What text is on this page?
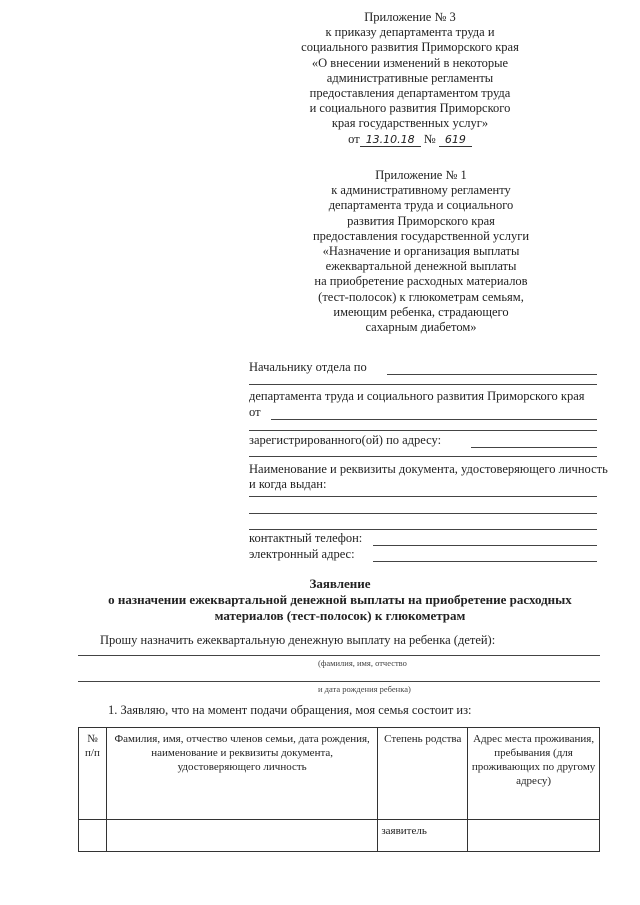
Приложение № 3
к приказу департамента труда и
социального развития Приморского края
«О внесении изменений в некоторые
административные регламенты
предоставления департаментом труда
и социального развития Приморского
края государственных услуг»
от 13.10.18 № 619
Приложение № 1
к административному регламенту
департамента труда и социального
развития Приморского края
предоставления государственной услуги
«Назначение и организация выплаты
ежеквартальной денежной выплаты
на приобретение расходных материалов
(тест-полосок) к глюкометрам семьям,
имеющим ребенка, страдающего
сахарным диабетом»
Начальнику отдела по
департамента труда и социального развития Приморского края
от
зарегистрированного(ой) по адресу:
Наименование и реквизиты документа, удостоверяющего личность
и когда выдан:
контактный телефон:
электронный адрес:
Заявление
о назначении ежеквартальной денежной выплаты на приобретение расходных
материалов (тест-полосок) к глюкометрам
Прошу назначить ежеквартальную денежную выплату на ребенка (детей):
(фамилия, имя, отчество
и дата рождения ребенка)
1. Заявляю, что на момент подачи обращения, моя семья состоит из:
№ п/п	Фамилия, имя, отчество членов семьи, дата рождения, наименование и реквизиты документа, удостоверяющего личность	Степень родства	Адрес места проживания, пребывания (для проживающих по другому адресу)
		заявитель	
